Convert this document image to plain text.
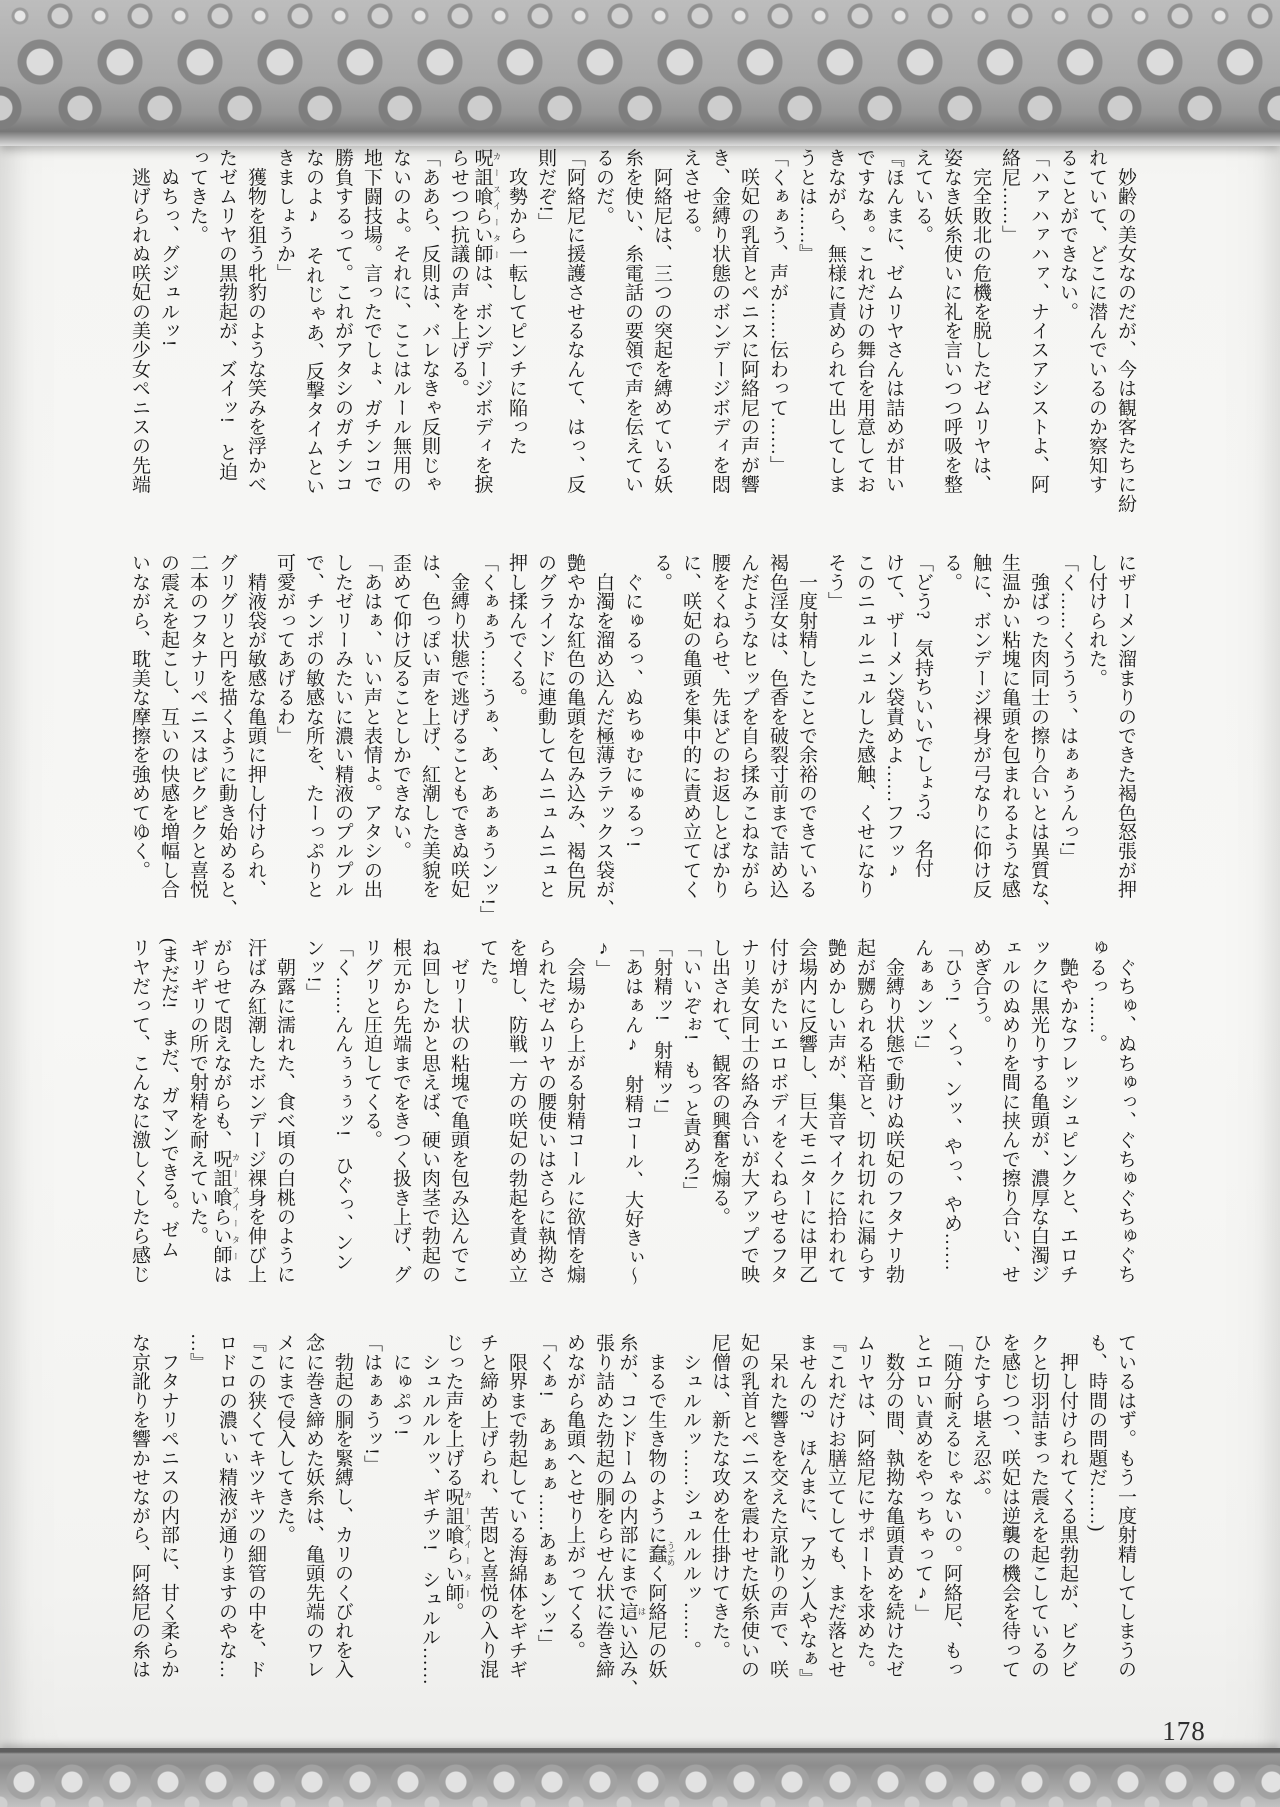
　妙齢の美女なのだが、今は観客たちに紛
れていて、どこに潜んでいるのか察知す
ることができない。
「ハァハァハァ、ナイスアシストよ、阿
絡尼……」
　完全敗北の危機を脱したゼムリヤは、
姿なき妖糸使いに礼を言いつつ呼吸を整
えている。
『ほんまに、ゼムリヤさんは詰めが甘い
ですなぁ。これだけの舞台を用意してお
きながら、無様に責められて出してしま
うとは……』
「くぁぁう、声が……伝わって……」
　咲妃の乳首とペニスに阿絡尼の声が響
き、金縛り状態のボンデージボディを悶
えさせる。
　阿絡尼は、三つの突起を縛めている妖
糸を使い、糸電話の要領で声を伝えてい
るのだ。
「阿絡尼に援護させるなんて、はっ、反
則だぞ!」
　攻勢から一転してピンチに陥った
呪詛喰らい師 カースイーターは、ボンデージボディを捩
らせつつ抗議の声を上げる。
「ああら、反則は、バレなきゃ反則じゃ
ないのよ。それに、ここはルール無用の
地下闘技場。言ったでしょ、ガチンコで
勝負するって。これがアタシのガチンコ
なのよ♪　それじゃあ、反撃タイムとい
きましょうか」
　獲物を狙う牝豹のような笑みを浮かべ
たゼムリヤの黒勃起が、ズイッ!　と迫
ってきた。
　ぬちっ、グジュルッ!
　逃げられぬ咲妃の美少女ペニスの先端
にザーメン溜まりのできた褐色怒張が押
し付けられた。
「く……くううぅ、はぁぁうんっ!」
　強ばった肉同士の擦り合いとは異質な、
生温かい粘塊に亀頭を包まれるような感
触に、ボンデージ裸身が弓なりに仰け反
る。
「どう?　気持ちいいでしょう?　名付
けて、ザーメン袋責めよ……フフッ♪
このニュルニュルした感触、くせになり
そう」
　一度射精したことで余裕のできている
褐色淫女は、色香を破裂寸前まで詰め込
んだようなヒップを自ら揉みこねながら
腰をくねらせ、先ほどのお返しとばかり
に、咲妃の亀頭を集中的に責め立ててく
る。
　ぐにゅるっ、ぬちゅむにゅるっ!
　白濁を溜め込んだ極薄ラテックス袋が、
艶やかな紅色の亀頭を包み込み、褐色尻
のグラインドに連動してムニュムニュと
押し揉んでくる。
「くぁぁう……うぁ、あ、あぁぁうンッ!」
　金縛り状態で逃げることもできぬ咲妃
は、色っぽい声を上げ、紅潮した美貌を
歪めて仰け反ることしかできない。
「あはぁ、いい声と表情よ。アタシの出
したゼリーみたいに濃い精液のプルプル
で、チンポの敏感な所を、たーっぷりと
可愛がってあげるわ」
　精液袋が敏感な亀頭に押し付けられ、
グリグリと円を描くように動き始めると、
二本のフタナリペニスはビクビクと喜悦
の震えを起こし、互いの快感を増幅し合
いながら、耽美な摩擦を強めてゆく。
　ぐちゅ、ぬちゅっ、ぐちゅぐちゅぐち
ゅるっ……。
　艶やかなフレッシュピンクと、エロチ
ックに黒光りする亀頭が、濃厚な白濁ジ
ェルのぬめりを間に挟んで擦り合い、せ
めぎ合う。
「ひぅ!　くっ、ンッ、やっ、やめ……
んぁぁンッ!」
　金縛り状態で動けぬ咲妃のフタナリ勃
起が嬲られる粘音と、切れ切れに漏らす
艶めかしい声が、集音マイクに拾われて
会場内に反響し、巨大モニターには甲乙
付けがたいエロボディをくねらせるフタ
ナリ美女同士の絡み合いが大アップで映
し出されて、観客の興奮を煽る。
「いいぞぉ!　もっと責めろ!」
「射精ッ!　射精ッ!」
「あはぁん♪　射精コール、大好きぃ〜
♪」
　会場から上がる射精コールに欲情を煽
られたゼムリヤの腰使いはさらに執拗さ
を増し、防戦一方の咲妃の勃起を責め立
てた。
　ゼリー状の粘塊で亀頭を包み込んでこ
ね回したかと思えば、硬い肉茎で勃起の
根元から先端までをきつく扱き上げ、グ
リグリと圧迫してくる。
「く……んんぅぅぅッ!　ひぐっ、ンン
ンッ!」
　朝露に濡れた、食べ頃の白桃のように
汗ばみ紅潮したボンデージ裸身を伸び上
がらせて悶えながらも、呪詛喰らい師 カースイーターは
ギリギリの所で射精を耐えていた。
(まだだ!　まだ、ガマンできる。ゼム
リヤだって、こんなに激しくしたら感じ
ているはず。もう一度射精してしまうの
も、時間の問題だ……)
　押し付けられてくる黒勃起が、ビクビ
クと切羽詰まった震えを起こしているの
を感じつつ、咲妃は逆襲の機会を待って
ひたすら堪え忍ぶ。
「随分耐えるじゃないの。阿絡尼、もっ
とエロい責めをやっちゃって♪」
　数分の間、執拗な亀頭責めを続けたゼ
ムリヤは、阿絡尼にサポートを求めた。
『これだけお膳立てしても、まだ落とせ
ませんの?　ほんまに、アカン人やなぁ』
　呆れた響きを交えた京訛りの声で、咲
妃の乳首とペニスを震わせた妖糸使いの
尼僧は、新たな攻めを仕掛けてきた。
　シュルルッ……シュルルルッ……。
　まるで生き物のように蠢 うごめく阿絡尼の妖
糸が、コンドームの内部にまで這 はい込み、
張り詰めた勃起の胴をらせん状に巻き締
めながら亀頭へとせり上がってくる。
「くぁ!　あぁぁぁ……あぁぁンッ!」
　限界まで勃起している海綿体をギチギ
チと締め上げられ、苦悶と喜悦の入り混
じった声を上げる呪詛喰らい師 カースイーター。
　シュルルルッ、ギチッ!　シュルル……
　にゅぷっ!
「はぁぁうッ!」
　勃起の胴を緊縛し、カリのくびれを入
念に巻き締めた妖糸は、亀頭先端のワレ
メにまで侵入してきた。
『この狭くてキツキツの細管の中を、ド
ロドロの濃いぃ精液が通りますのやな…
…』
　フタナリペニスの内部に、甘く柔らか
な京訛りを響かせながら、阿絡尼の糸は
178
